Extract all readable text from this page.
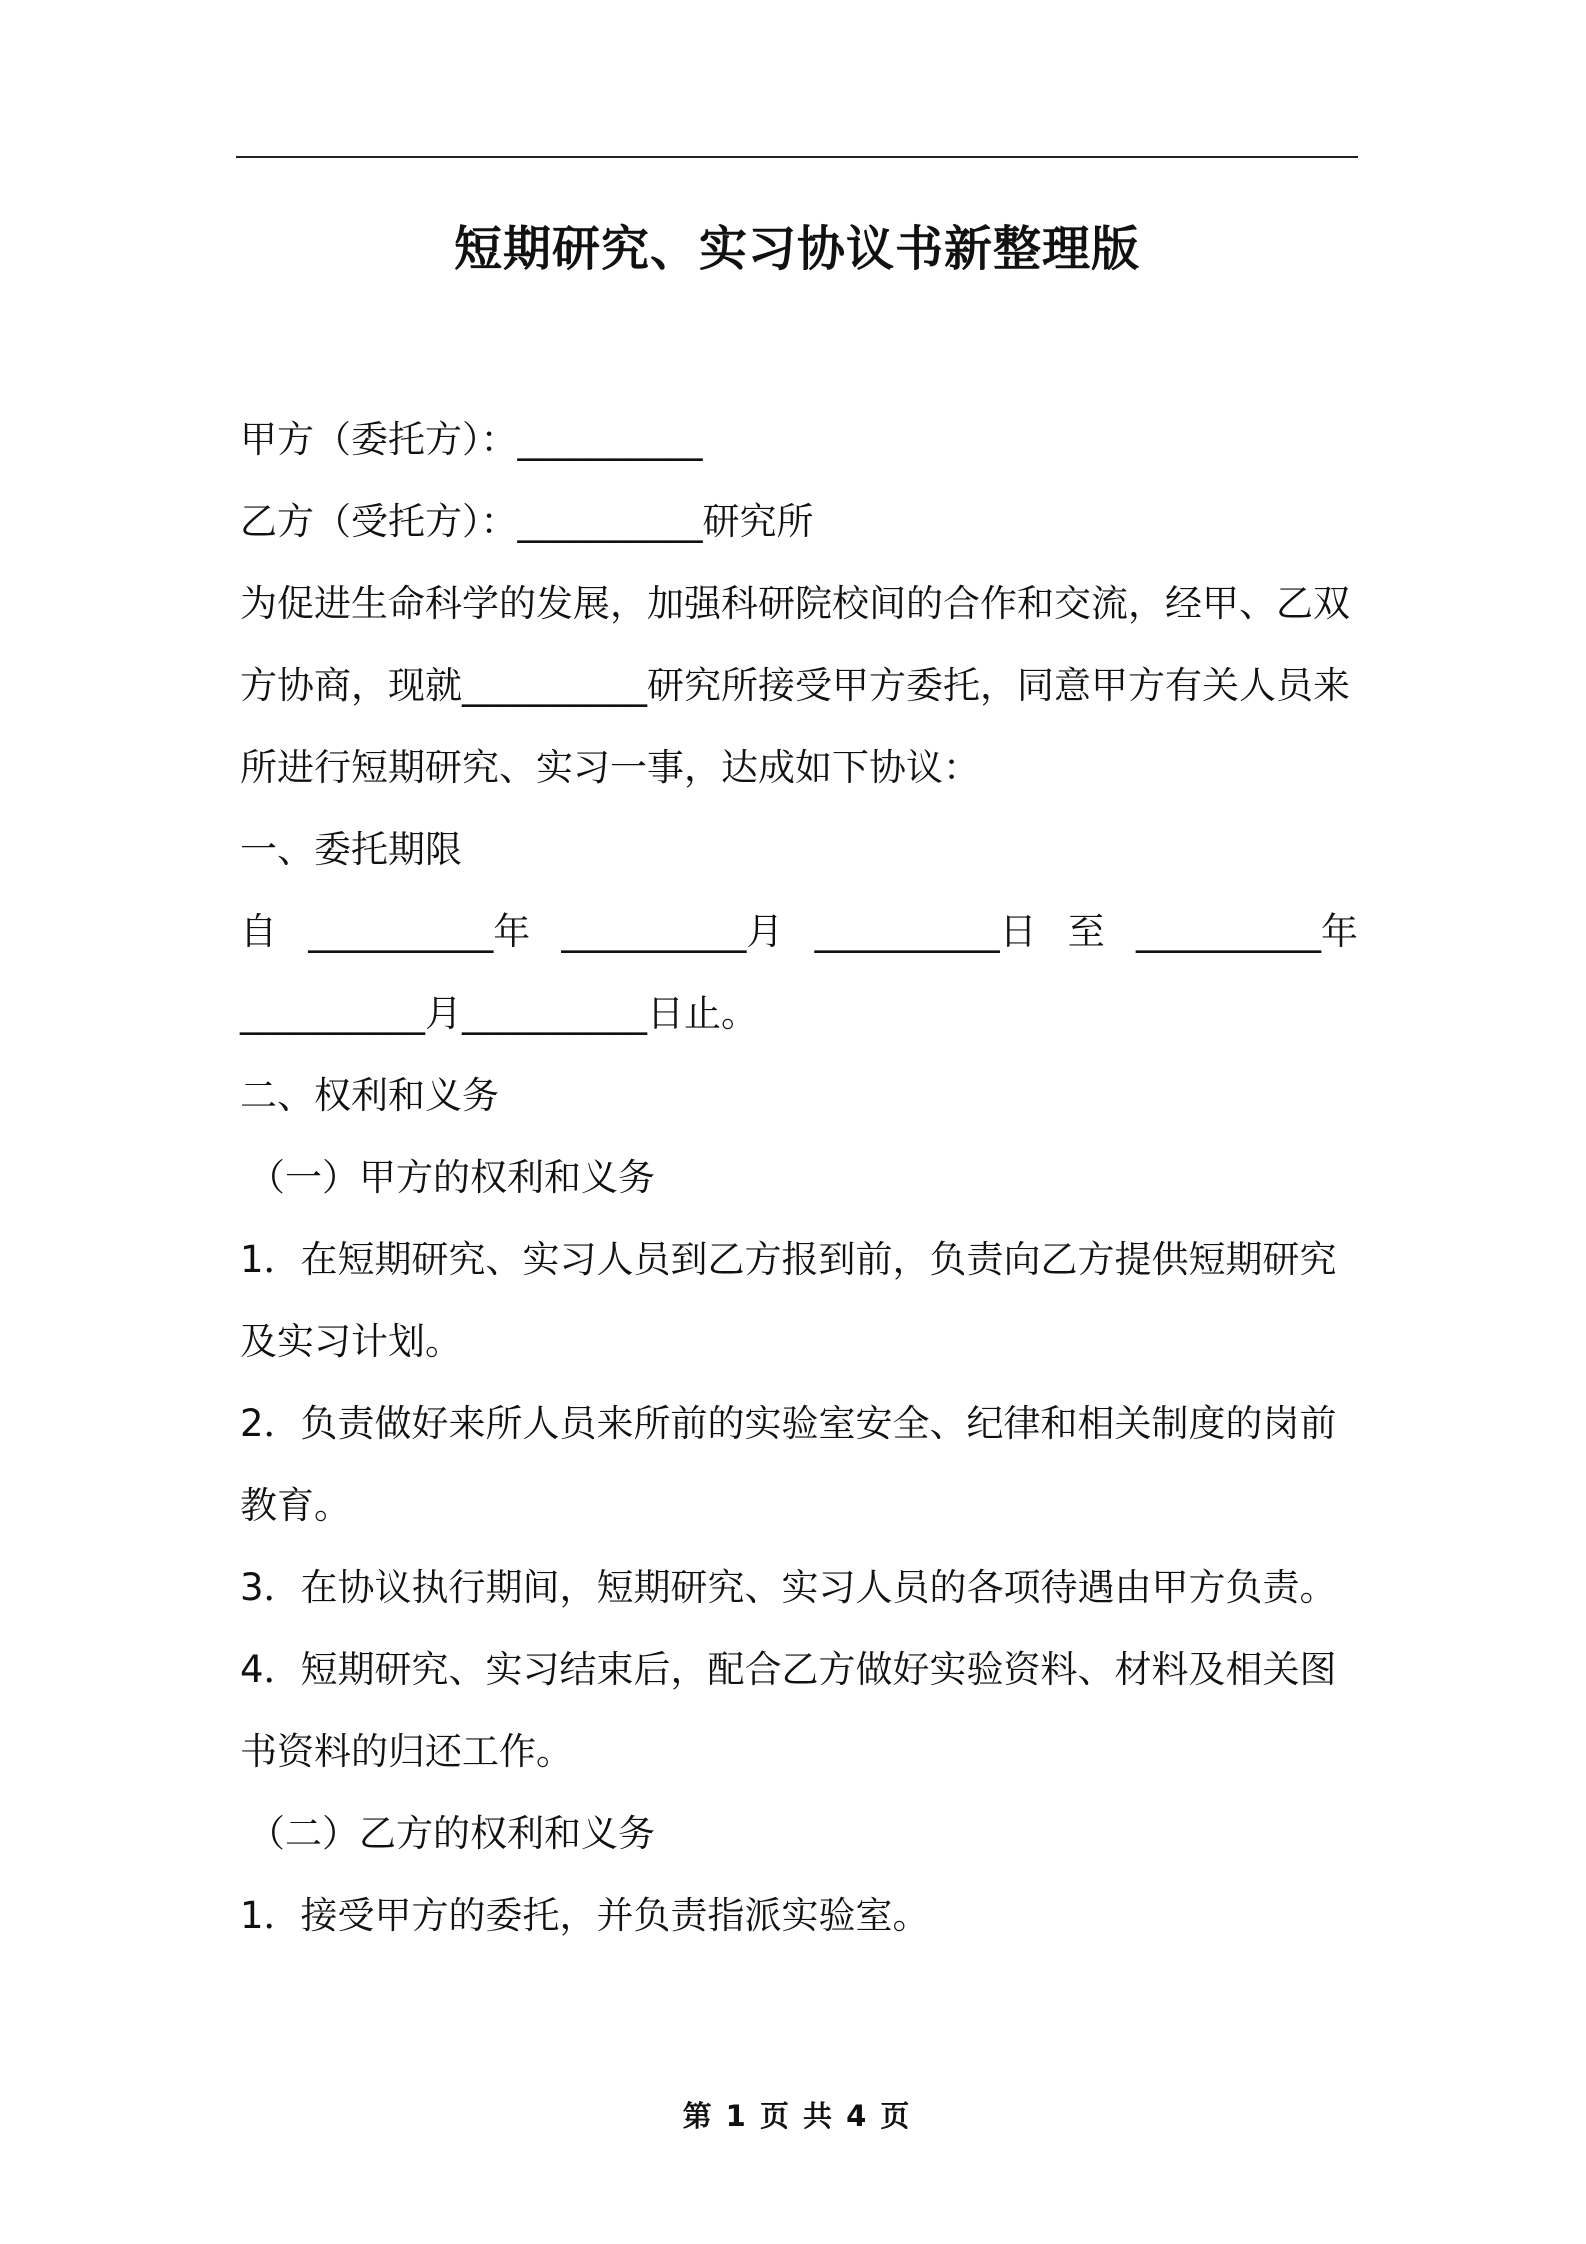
短期研究、实习协议书新整理版
甲方（委托方）：__________
乙方（受托方）：__________研究所
为促进生命科学的发展，加强科研院校间的合作和交流，经甲、乙双
方协商，现就__________研究所接受甲方委托，同意甲方有关人员来
所进行短期研究、实习一事，达成如下协议：
一、委托期限
自 __________年 __________月 __________日 至 __________年
__________月__________日止。
二、权利和义务
（一）甲方的权利和义务
1．在短期研究、实习人员到乙方报到前，负责向乙方提供短期研究
及实习计划。
2．负责做好来所人员来所前的实验室安全、纪律和相关制度的岗前
教育。
3．在协议执行期间，短期研究、实习人员的各项待遇由甲方负责。
4．短期研究、实习结束后，配合乙方做好实验资料、材料及相关图
书资料的归还工作。
（二）乙方的权利和义务
1．接受甲方的委托，并负责指派实验室。
第 1 页 共 4 页
